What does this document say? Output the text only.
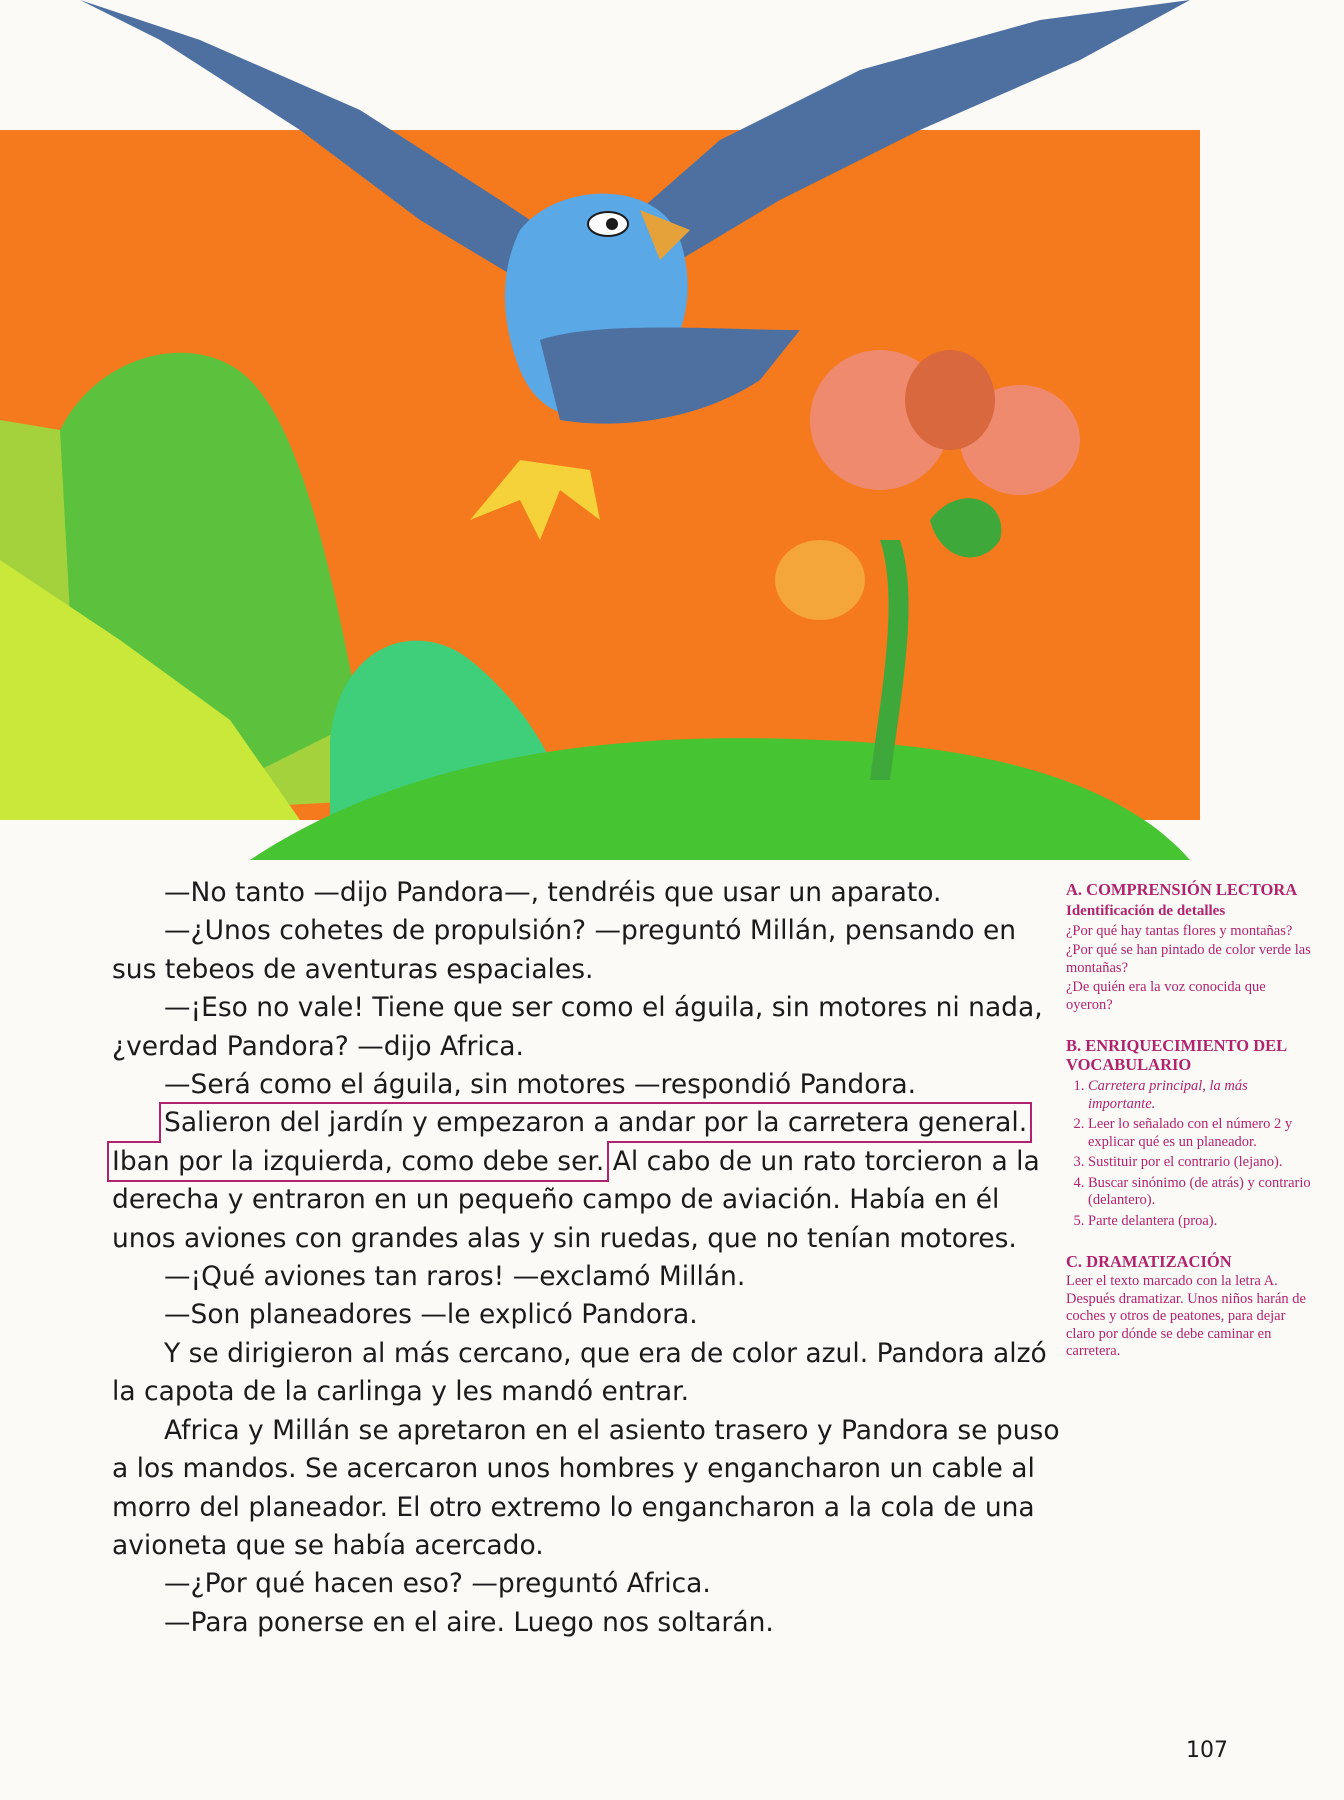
—No tanto —dijo Pandora—, tendréis que usar un aparato.

—¿Unos cohetes de propulsión? —preguntó Millán, pensando en sus tebeos de aventuras espaciales.

—¡Eso no vale! Tiene que ser como el águila, sin motores ni nada, ¿verdad Pandora? —dijo Africa.

—Será como el águila, sin motores —respondió Pandora.

Salieron del jardín y empezaron a andar por la carretera general. Iban por la izquierda, como debe ser. Al cabo de un rato torcieron a la derecha y entraron en un pequeño campo de aviación. Había en él unos aviones con grandes alas y sin ruedas, que no tenían motores.

—¡Qué aviones tan raros! —exclamó Millán.

—Son planeadores —le explicó Pandora.

Y se dirigieron al más cercano, que era de color azul. Pandora alzó la capota de la carlinga y les mandó entrar.

Africa y Millán se apretaron en el asiento trasero y Pandora se puso a los mandos. Se acercaron unos hombres y engancharon un cable al morro del planeador. El otro extremo lo engancharon a la cola de una avioneta que se había acercado.

—¿Por qué hacen eso? —preguntó Africa.

—Para ponerse en el aire. Luego nos soltarán.

A. COMPRENSIÓN LECTORA
Identificación de detalles

¿Por qué hay tantas flores y montañas?

¿Por qué se han pintado de color verde las montañas?

¿De quién era la voz conocida que oyeron?

B. ENRIQUECIMIENTO DEL VOCABULARIO
1. Carretera principal, la más importante.
2. Leer lo señalado con el número 2 y explicar qué es un planeador.
3. Sustituir por el contrario (lejano).
4. Buscar sinónimo (de atrás) y contrario (delantero).
5. Parte delantera (proa).
C. DRAMATIZACIÓN

Leer el texto marcado con la letra A. Después dramatizar. Unos niños harán de coches y otros de peatones, para dejar claro por dónde se debe caminar en carretera.

107
